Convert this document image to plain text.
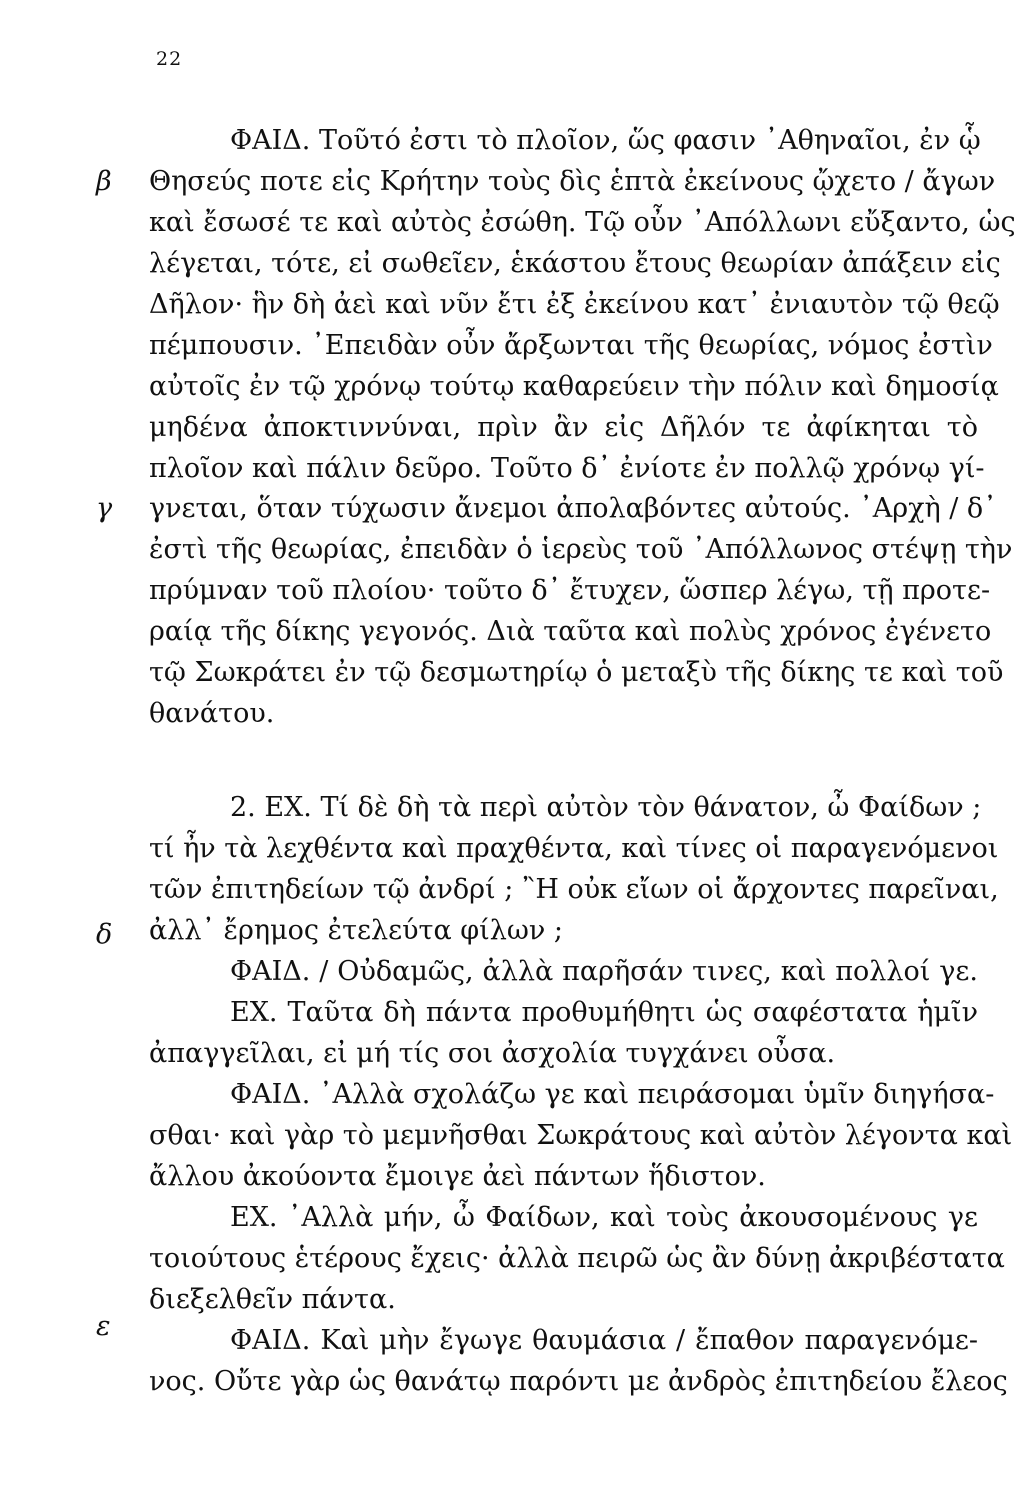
22
β
γ
δ
ε
ΦΑΙΔ. Τοῦτό ἐστι τὸ πλοῖον, ὥς φασιν ᾿Αθηναῖοι, ἐν ᾧ
Θησεύς ποτε εἰς Κρήτην τοὺς δὶς ἑπτὰ ἐκείνους ᾤχετο / ἄγων
καὶ ἔσωσέ τε καὶ αὐτὸς ἐσώθη. Τῷ οὖν ᾿Απόλλωνι εὔξαντο, ὡς
λέγεται, τότε, εἰ σωθεῖεν, ἑκάστου ἔτους θεωρίαν ἀπάξειν εἰς
Δῆλον· ἣν δὴ ἀεὶ καὶ νῦν ἔτι ἐξ ἐκείνου κατ᾿ ἐνιαυτὸν τῷ θεῷ
πέμπουσιν. ᾿Επειδὰν οὖν ἄρξωνται τῆς θεωρίας, νόμος ἐστὶν
αὐτοῖς ἐν τῷ χρόνῳ τούτῳ καθαρεύειν τὴν πόλιν καὶ δημοσίᾳ
μηδένα ἀποκτιννύναι, πρὶν ἂν εἰς Δῆλόν τε ἀφίκηται τὸ
πλοῖον καὶ πάλιν δεῦρο. Τοῦτο δ᾿ ἐνίοτε ἐν πολλῷ χρόνῳ γί-
γνεται, ὅταν τύχωσιν ἄνεμοι ἀπολαβόντες αὐτούς. ᾿Αρχὴ / δ᾿
ἐστὶ τῆς θεωρίας, ἐπειδὰν ὁ ἱερεὺς τοῦ ᾿Απόλλωνος στέψῃ τὴν
πρύμναν τοῦ πλοίου· τοῦτο δ᾿ ἔτυχεν, ὥσπερ λέγω, τῇ προτε-
ραίᾳ τῆς δίκης γεγονός. Διὰ ταῦτα καὶ πολὺς χρόνος ἐγένετο
τῷ Σωκράτει ἐν τῷ δεσμωτηρίῳ ὁ μεταξὺ τῆς δίκης τε καὶ τοῦ
θανάτου.
2. ΕΧ. Τί δὲ δὴ τὰ περὶ αὐτὸν τὸν θάνατον, ὦ Φαίδων ;
τί ἦν τὰ λεχθέντα καὶ πραχθέντα, καὶ τίνες οἱ παραγενόμενοι
τῶν ἐπιτηδείων τῷ ἀνδρί ; ῍Η οὐκ εἴων οἱ ἄρχοντες παρεῖναι,
ἀλλ᾿ ἔρημος ἐτελεύτα φίλων ;
ΦΑΙΔ. / Οὐδαμῶς, ἀλλὰ παρῆσάν τινες, καὶ πολλοί γε.
ΕΧ. Ταῦτα δὴ πάντα προθυμήθητι ὡς σαφέστατα ἡμῖν
ἀπαγγεῖλαι, εἰ μή τίς σοι ἀσχολία τυγχάνει οὖσα.
ΦΑΙΔ. ᾿Αλλὰ σχολάζω γε καὶ πειράσομαι ὑμῖν διηγήσα-
σθαι· καὶ γὰρ τὸ μεμνῆσθαι Σωκράτους καὶ αὐτὸν λέγοντα καὶ
ἄλλου ἀκούοντα ἔμοιγε ἀεὶ πάντων ἥδιστον.
ΕΧ. ᾿Αλλὰ μήν, ὦ Φαίδων, καὶ τοὺς ἀκουσομένους γε
τοιούτους ἑτέρους ἔχεις· ἀλλὰ πειρῶ ὡς ἂν δύνῃ ἀκριβέστατα
διεξελθεῖν πάντα.
ΦΑΙΔ. Καὶ μὴν ἔγωγε θαυμάσια / ἔπαθον παραγενόμε-
νος. Οὔτε γὰρ ὡς θανάτῳ παρόντι με ἀνδρὸς ἐπιτηδείου ἔλεος
